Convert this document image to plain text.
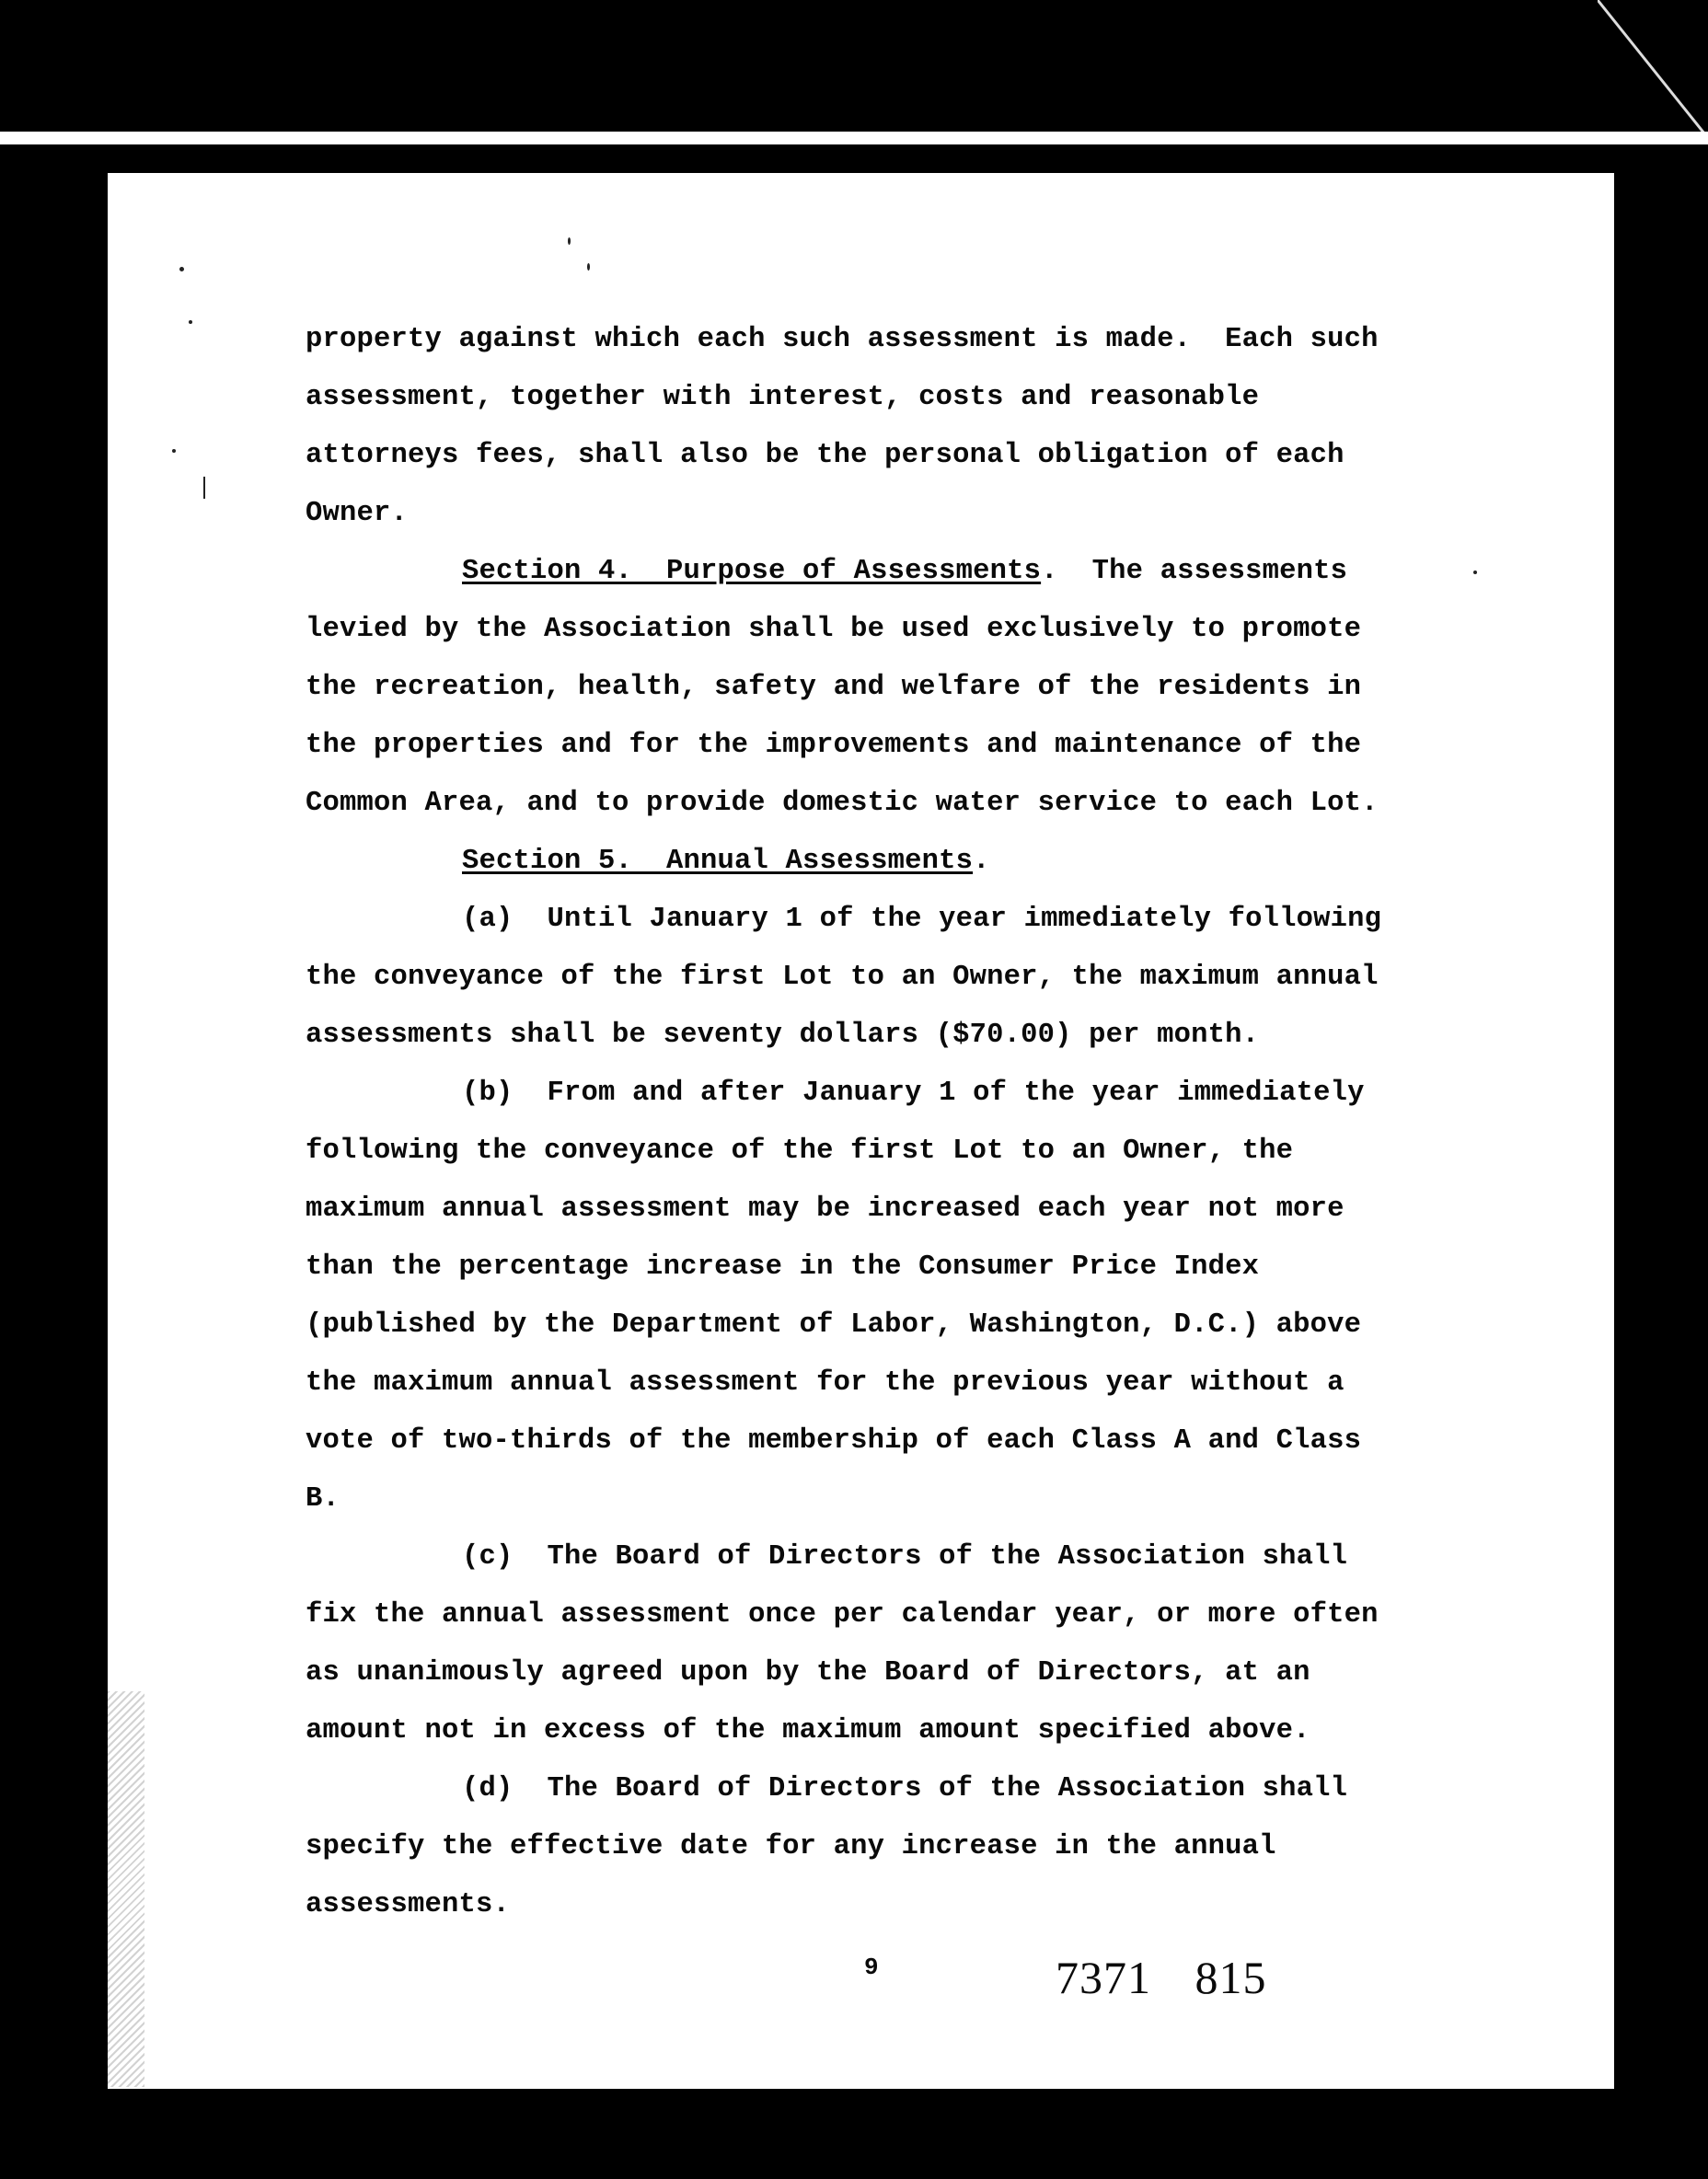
property against which each such assessment is made.  Each such
assessment, together with interest, costs and reasonable
attorneys fees, shall also be the personal obligation of each
Owner.
Section 4.  Purpose of Assessments.  The assessments
levied by the Association shall be used exclusively to promote
the recreation, health, safety and welfare of the residents in
the properties and for the improvements and maintenance of the
Common Area, and to provide domestic water service to each Lot.
Section 5.  Annual Assessments.
(a)  Until January 1 of the year immediately following
the conveyance of the first Lot to an Owner, the maximum annual
assessments shall be seventy dollars ($70.00) per month.
(b)  From and after January 1 of the year immediately
following the conveyance of the first Lot to an Owner, the
maximum annual assessment may be increased each year not more
than the percentage increase in the Consumer Price Index
(published by the Department of Labor, Washington, D.C.) above
the maximum annual assessment for the previous year without a
vote of two-thirds of the membership of each Class A and Class
B.
(c)  The Board of Directors of the Association shall
fix the annual assessment once per calendar year, or more often
as unanimously agreed upon by the Board of Directors, at an
amount not in excess of the maximum amount specified above.
(d)  The Board of Directors of the Association shall
specify the effective date for any increase in the annual
assessments.
9	7371 815
